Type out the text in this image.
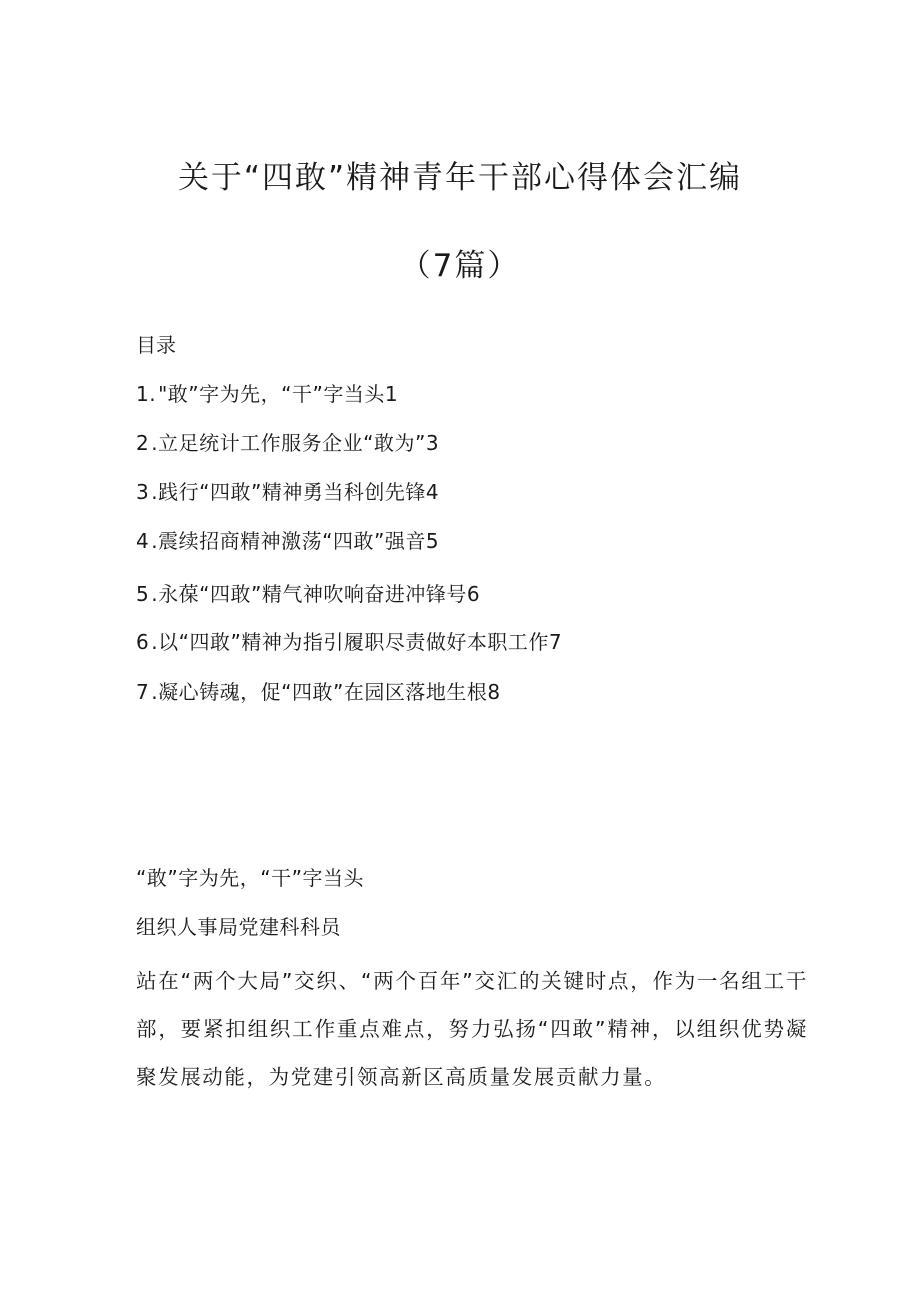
关于“四敢”精神青年干部心得体会汇编
（7篇）
目录
1. "敢”字为先，“干”字当头1
2 .立足统计工作服务企业“敢为”3
3 .践行“四敢”精神勇当科创先锋4
4 .震续招商精神激荡“四敢”强音5
5 .永葆“四敢”精气神吹响奋进冲锋号6
6 .以“四敢”精神为指引履职尽责做好本职工作7
7 .凝心铸魂，促“四敢”在园区落地生根8
“敢”字为先，“干”字当头
组织人事局党建科科员
站在“两个大局”交织、“两个百年”交汇的关键时点，作为一名组工干部，要紧扣组织工作重点难点，努力弘扬“四敢”精神，以组织优势凝聚发展动能，为党建引领高新区高质量发展贡献力量。
